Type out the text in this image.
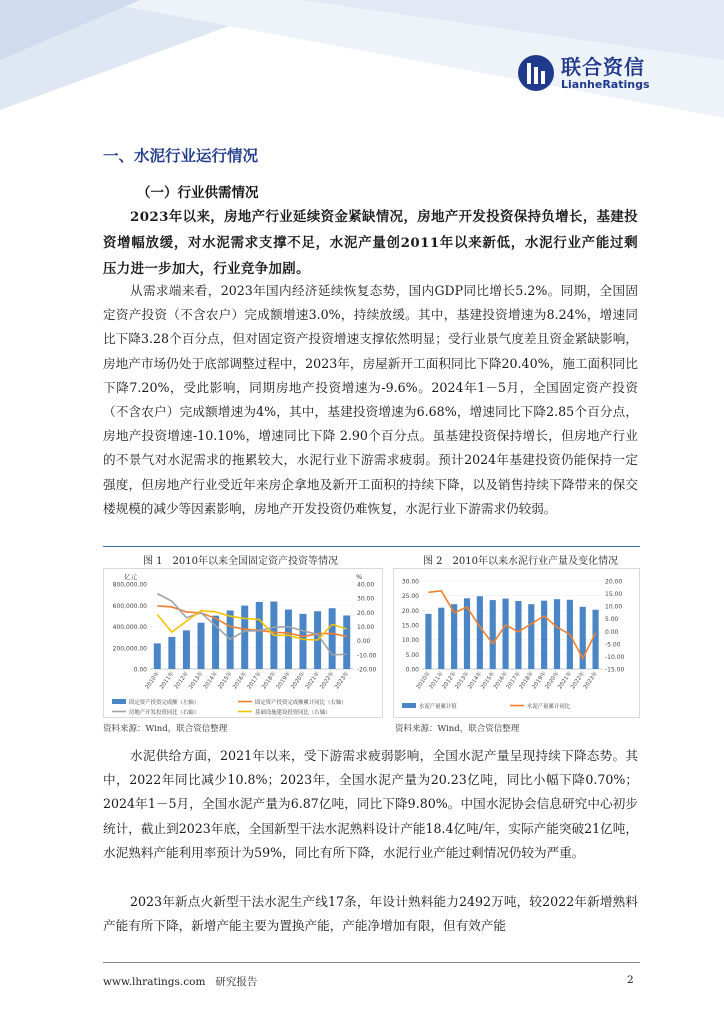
联合资信
LianheRatings
一、水泥行业运行情况
（一）行业供需情况

2023年以来，房地产行业延续资金紧缺情况，房地产开发投资保持负增长，基建投资增幅放缓，对水泥需求支撑不足，水泥产量创2011年以来新低，水泥行业产能过剩压力进一步加大，行业竞争加剧。

从需求端来看，2023年国内经济延续恢复态势，国内GDP同比增长5.2%。同期，全国固定资产投资（不含农户）完成额增速3.0%，持续放缓。其中，基建投资增速为8.24%，增速同比下降3.28个百分点，但对固定资产投资增速支撑依然明显；受行业景气度差且资金紧缺影响，房地产市场仍处于底部调整过程中，2023年，房屋新开工面积同比下降20.40%，施工面积同比下降7.20%，受此影响，同期房地产投资增速为-9.6%。2024年1－5月，全国固定资产投资（不含农户）完成额增速为4%，其中，基建投资增速为6.68%，增速同比下降2.85个百分点，房地产投资增速-10.10%，增速同比下降 2.90个百分点。虽基建投资保持增长，但房地产行业的不景气对水泥需求的拖累较大，水泥行业下游需求疲弱。预计2024年基建投资仍能保持一定强度，但房地产行业受近年来房企拿地及新开工面积的持续下降，以及销售持续下降带来的保交楼规模的减少等因素影响，房地产开发投资仍难恢复，水泥行业下游需求仍较弱。

图 1　2010年以来全国固定资产投资等情况	图 2　2010年以来水泥行业产量及变化情况
亿元	%
800,000.00
600,000.00
400,000.00
200,000.00
0.00
40.00
30.00
20.00
10.00
0.00
-10.00
-20.00
2010年
2011年
2012年
2013年
2014年
2015年
2016年
2017年
2018年
2019年
2020年
2021年
2022年
2023年
固定资产投资完成额（左轴）	固定资产投资完成额累计同比（右轴）
房地产开发投资同比（右轴）	基础设施建设投资同比（右轴）
30.00
25.00
20.00
15.00
10.00
5.00
0.00
20.00
15.00
10.00
5.00
0.00
-5.00
-10.00
-15.00
2010年
2011年
2012年
2013年
2014年
2015年
2016年
2017年
2018年
2019年
2020年
2021年
2022年
2023年
水泥产量累计值	水泥产量累计同比
资料来源：Wind，联合资信整理	资料来源：Wind，联合资信整理

水泥供给方面，2021年以来，受下游需求疲弱影响，全国水泥产量呈现持续下降态势。其中，2022年同比减少10.8%；2023年，全国水泥产量为20.23亿吨，同比小幅下降0.70%；2024年1－5月，全国水泥产量为6.87亿吨，同比下降9.80%。中国水泥协会信息研究中心初步统计，截止到2023年底，全国新型干法水泥熟料设计产能18.4亿吨/年，实际产能突破21亿吨，水泥熟料产能利用率预计为59%，同比有所下降，水泥行业产能过剩情况仍较为严重。

2023年新点火新型干法水泥生产线17条，年设计熟料能力2492万吨，较2022年新增熟料产能有所下降，新增产能主要为置换产能，产能净增加有限，但有效产能

www.lhratings.com 研究报告	2
